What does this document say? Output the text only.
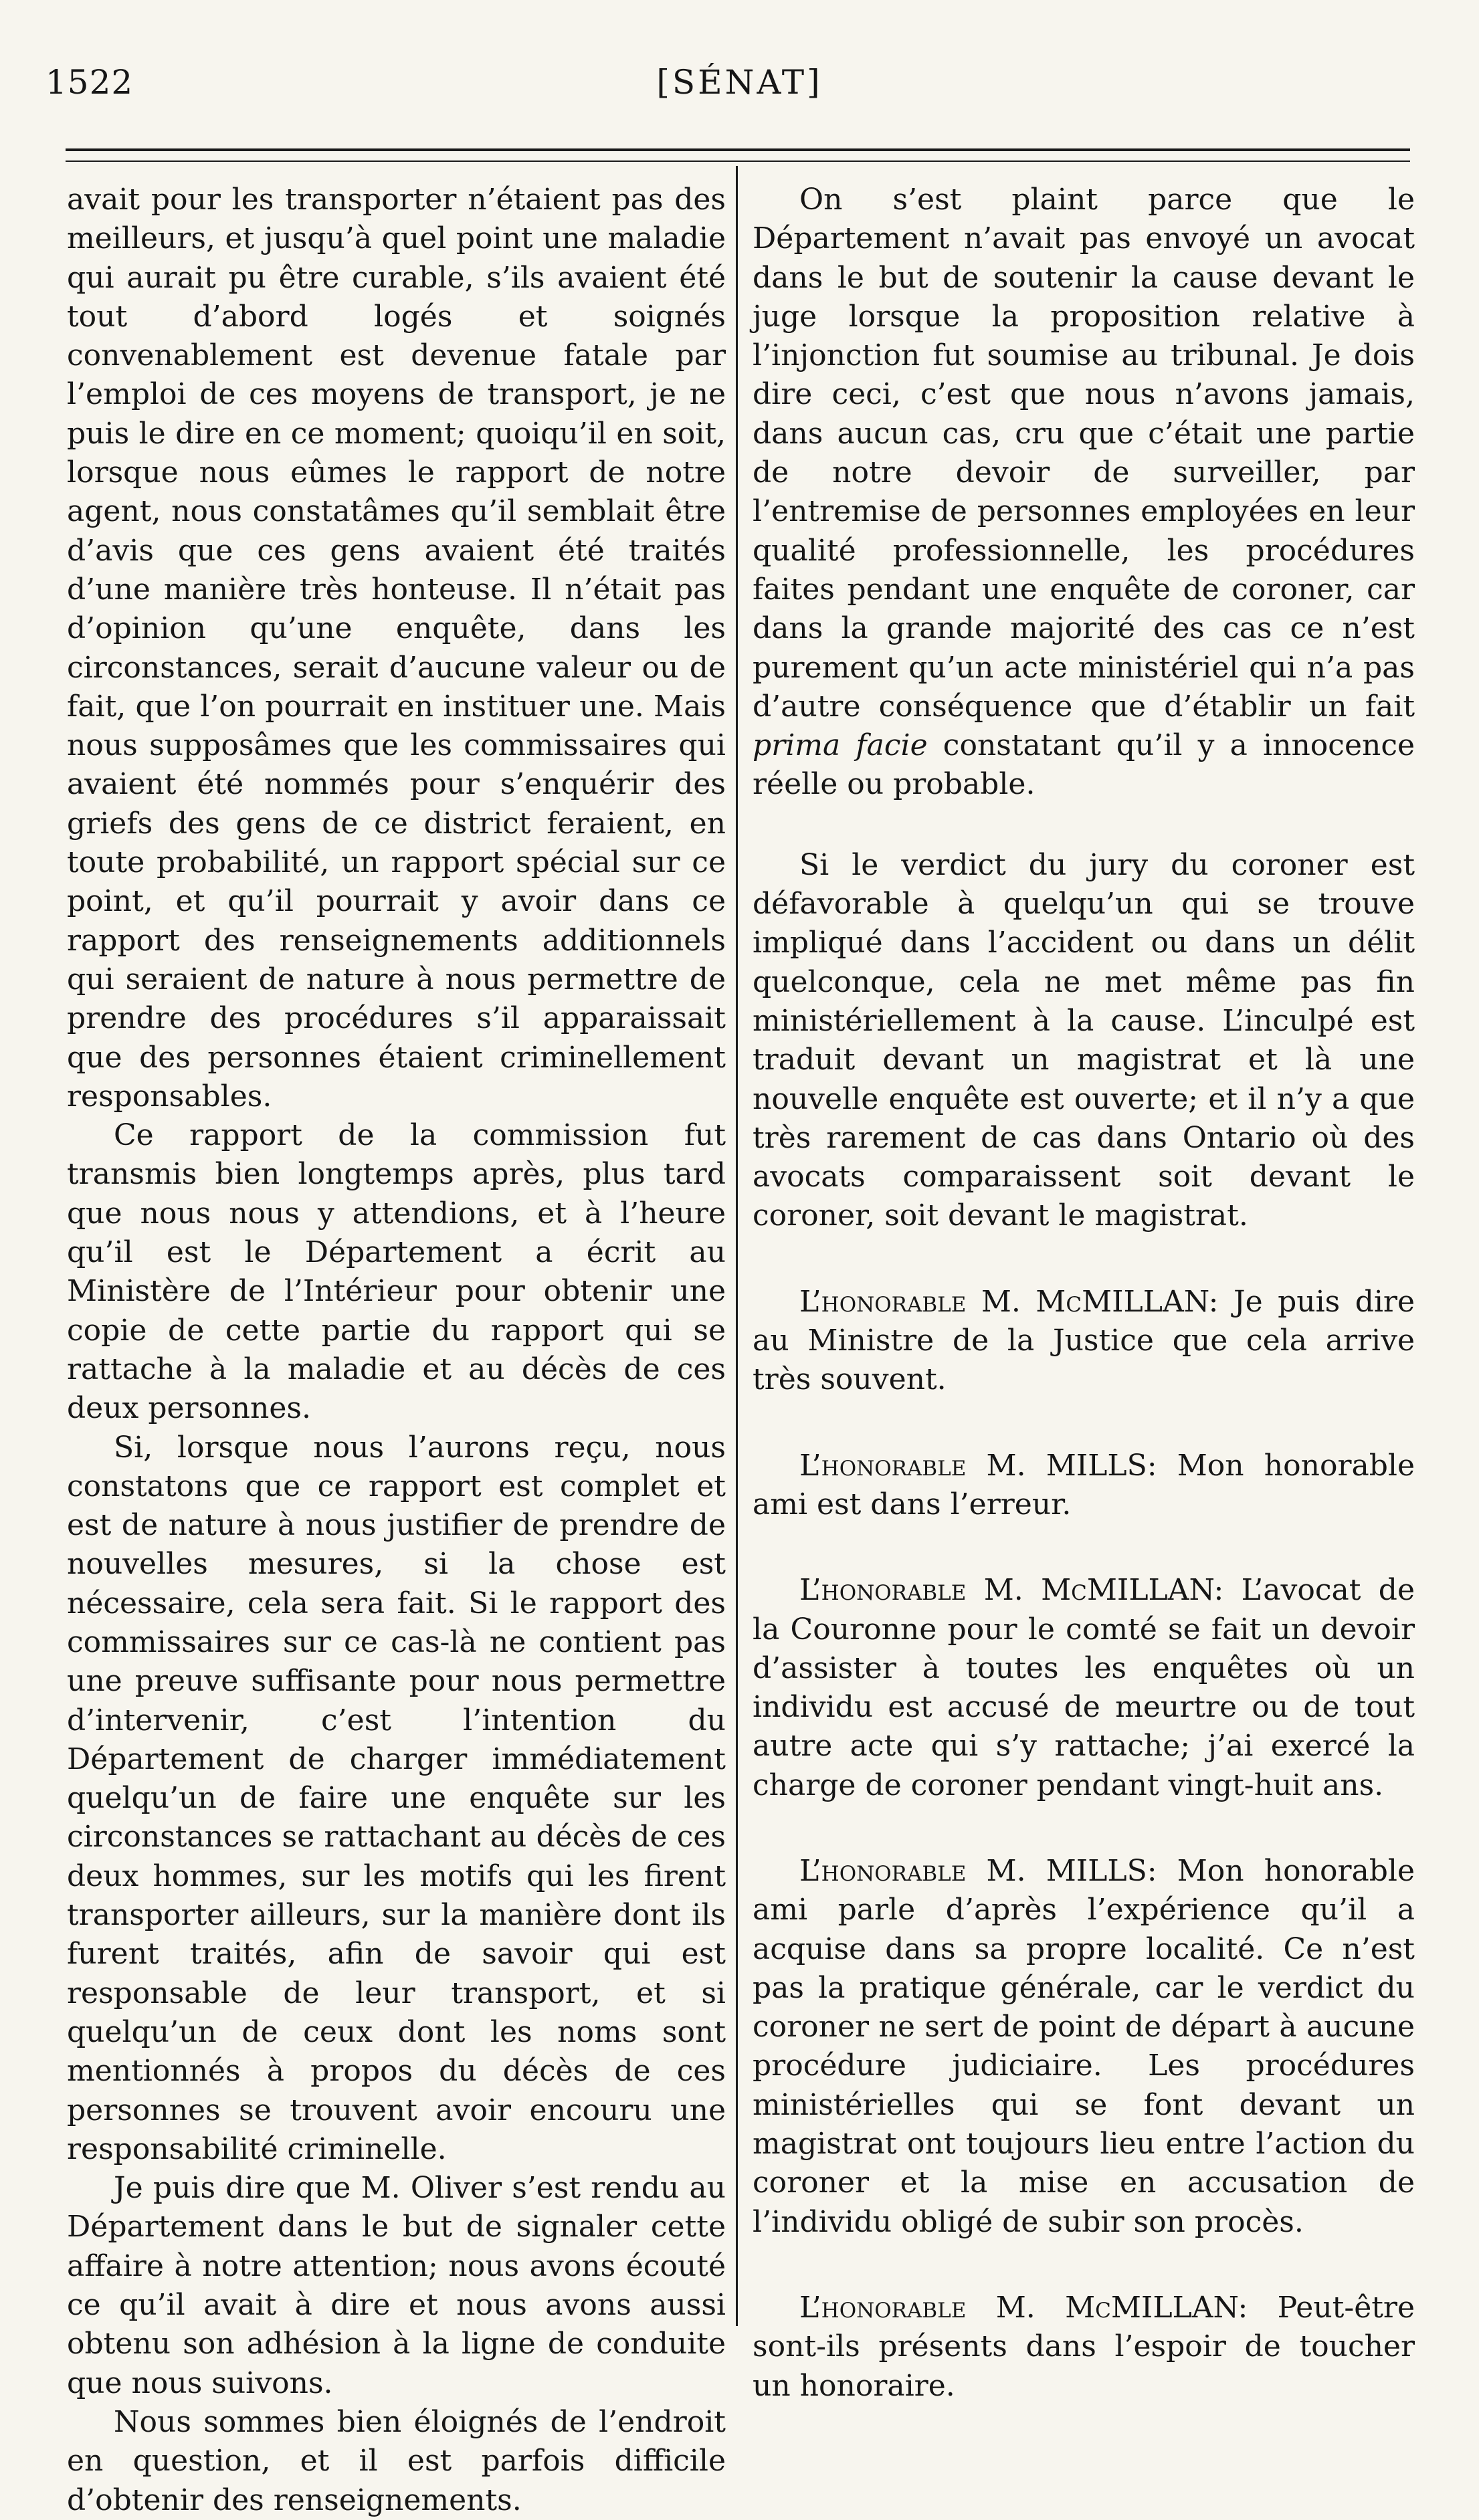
1522	[SÉNAT]

avait pour les transporter n’étaient pas des meilleurs, et jusqu’à quel point une maladie qui aurait pu être curable, s’ils avaient été tout d’abord logés et soignés convenablement est devenue fatale par l’emploi de ces moyens de transport, je ne puis le dire en ce moment; quoiqu’il en soit, lorsque nous eûmes le rapport de notre agent, nous constatâmes qu’il semblait être d’avis que ces gens avaient été traités d’une manière très honteuse. Il n’était pas d’opinion qu’une enquête, dans les circonstances, serait d’aucune valeur ou de fait, que l’on pourrait en instituer une. Mais nous supposâmes que les commissaires qui avaient été nommés pour s’enquérir des griefs des gens de ce district feraient, en toute probabilité, un rapport spécial sur ce point, et qu’il pourrait y avoir dans ce rapport des renseignements additionnels qui seraient de nature à nous permettre de prendre des procédures s’il apparaissait que des personnes étaient criminellement responsables.

Ce rapport de la commission fut transmis bien longtemps après, plus tard que nous nous y attendions, et à l’heure qu’il est le Département a écrit au Ministère de l’Intérieur pour obtenir une copie de cette partie du rapport qui se rattache à la maladie et au décès de ces deux personnes.

Si, lorsque nous l’aurons reçu, nous constatons que ce rapport est complet et est de nature à nous justifier de prendre de nouvelles mesures, si la chose est nécessaire, cela sera fait. Si le rapport des commissaires sur ce cas-là ne contient pas une preuve suffisante pour nous permettre d’intervenir, c’est l’intention du Département de charger immédiatement quelqu’un de faire une enquête sur les circonstances se rattachant au décès de ces deux hommes, sur les motifs qui les firent transporter ailleurs, sur la manière dont ils furent traités, afin de savoir qui est responsable de leur transport, et si quelqu’un de ceux dont les noms sont mentionnés à propos du décès de ces personnes se trouvent avoir encouru une responsabilité criminelle.

Je puis dire que M. Oliver s’est rendu au Département dans le but de signaler cette affaire à notre attention; nous avons écouté ce qu’il avait à dire et nous avons aussi obtenu son adhésion à la ligne de conduite que nous suivons.

Nous sommes bien éloignés de l’endroit en question, et il est parfois difficile d’obtenir des renseignements.

On s’est plaint parce que le Département n’avait pas envoyé un avocat dans le but de soutenir la cause devant le juge lorsque la proposition relative à l’injonction fut soumise au tribunal. Je dois dire ceci, c’est que nous n’avons jamais, dans aucun cas, cru que c’était une partie de notre devoir de surveiller, par l’entremise de personnes employées en leur qualité professionnelle, les procédures faites pendant une enquête de coroner, car dans la grande majorité des cas ce n’est purement qu’un acte ministériel qui n’a pas d’autre conséquence que d’établir un fait prima facie constatant qu’il y a innocence réelle ou probable.

Si le verdict du jury du coroner est défavorable à quelqu’un qui se trouve impliqué dans l’accident ou dans un délit quelconque, cela ne met même pas fin ministériellement à la cause. L’inculpé est traduit devant un magistrat et là une nouvelle enquête est ouverte; et il n’y a que très rarement de cas dans Ontario où des avocats comparaissent soit devant le coroner, soit devant le magistrat.

L’honorable M. McMILLAN: Je puis dire au Ministre de la Justice que cela arrive très souvent.

L’honorable M. MILLS: Mon honorable ami est dans l’erreur.

L’honorable M. McMILLAN: L’avocat de la Couronne pour le comté se fait un devoir d’assister à toutes les enquêtes où un individu est accusé de meurtre ou de tout autre acte qui s’y rattache; j’ai exercé la charge de coroner pendant vingt-huit ans.

L’honorable M. MILLS: Mon honorable ami parle d’après l’expérience qu’il a acquise dans sa propre localité. Ce n’est pas la pratique générale, car le verdict du coroner ne sert de point de départ à aucune procédure judiciaire. Les procédures ministérielles qui se font devant un magistrat ont toujours lieu entre l’action du coroner et la mise en accusation de l’individu obligé de subir son procès.

L’honorable M. McMILLAN: Peut-être sont-ils présents dans l’espoir de toucher un honoraire.
